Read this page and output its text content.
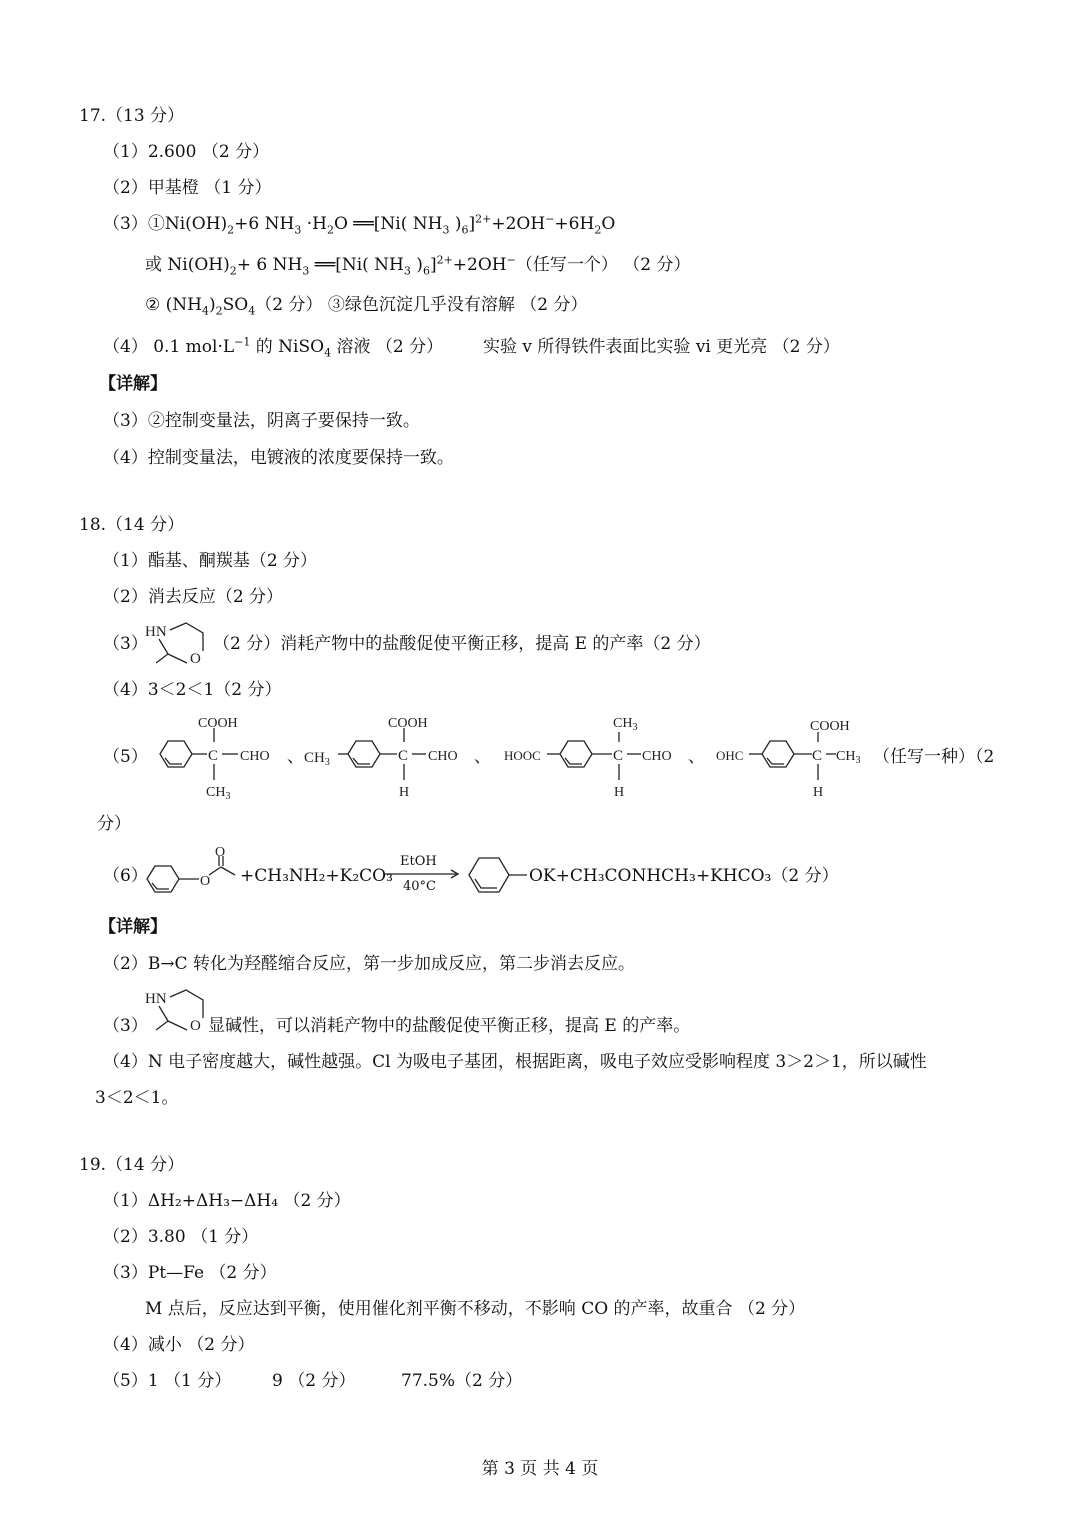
17.（13 分）
（1）2.600 （2 分）
（2）甲基橙 （1 分）
$(3)①Ni(OH)_2+6$ $NH_3 \cdot H_2O$ ══[Ni( $NH_3$ )$_6]^{2+}+2OH^-+6H_2O$
或 $Ni(OH)_2+ 6$ $NH_3$ ══[Ni( $NH_3$ )$_6]^{2+}+2OH^-$（任写一个） （2 分）
② $(NH_4)_2SO_4(2$ 分） ③绿色沉淀几乎没有溶解 （2 分）
（4） 0.1 $mol\cdot L^{-1}$ 的 NiSO$_4$ 溶液 （2 分） 实验 v 所得铁件表面比实验 vi 更光亮 （2 分）
【详解】
（3）②控制变量法，阴离子要保持一致。
（4）控制变量法，电镀液的浓度要保持一致。
18.（14 分）
（1）酯基、酮羰基（2 分）
（2）消去反应（2 分）
（3）
HN
O
（2 分）消耗产物中的盐酸促使平衡正移，提高 E 的产率（2 分）
（4）3＜2＜1（2 分）
（5）	C
COOH
CHO
$CH_3$
、 $CH_3$	C
COOH
CHO
H
、 HOOC	C
$CH_3$
CHO
H
、 OHC	C
COOH
$CH_3$
H
（任写一种）（2
分）
（6）	O
O
+CH₃NH₂+K₂CO₃
EtOH
40°C
OK+CH₃CONHCH₃+KHCO₃（2 分）
【详解】
（2）B→C 转化为羟醛缩合反应，第一步加成反应，第二步消去反应。
（3）
HN
O 显碱性，可以消耗产物中的盐酸促使平衡正移，提高 E 的产率。
（4）N 电子密度越大，碱性越强。Cl 为吸电子基团，根据距离，吸电子效应受影响程度 3＞2＞1，所以碱性
3＜2＜1。
19.（14 分）
（1）ΔH₂+ΔH₃−ΔH₄ （2 分）
（2）3.80 （1 分）
（3）Pt—Fe （2 分）
M 点后，反应达到平衡，使用催化剂平衡不移动，不影响 CO 的产率，故重合 （2 分）
（4）减小 （2 分）
（5）1 （1 分） 9 （2 分）	77.5%（2 分）
第 3 页 共 4 页
